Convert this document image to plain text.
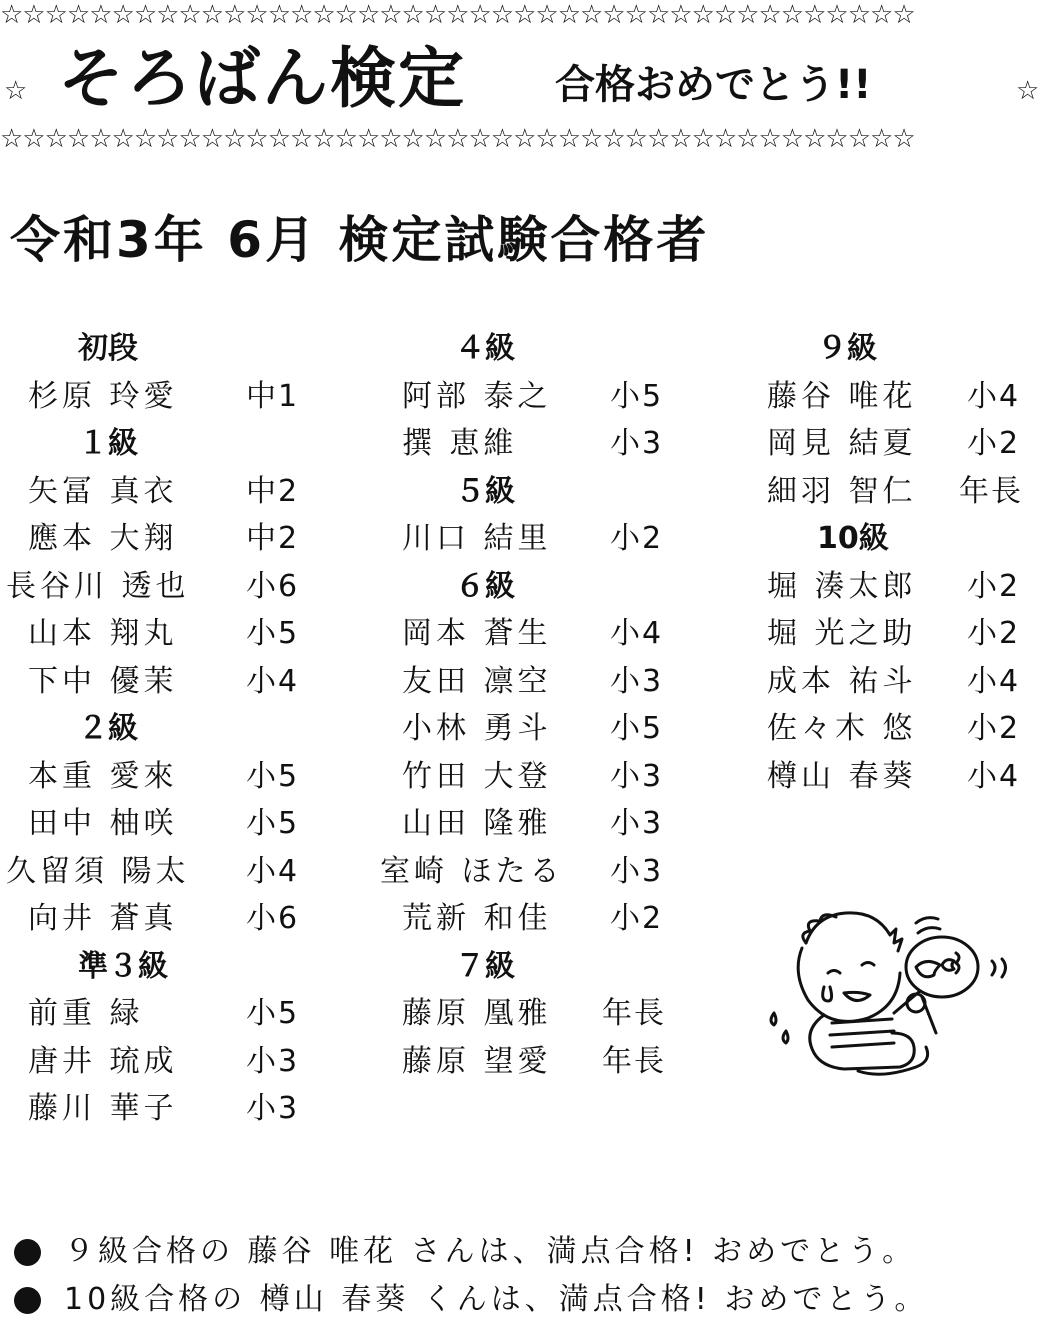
☆☆☆☆☆☆☆☆☆☆☆☆☆☆☆☆☆☆☆☆☆☆☆☆☆☆☆☆☆☆☆☆☆☆☆☆☆☆☆☆☆
☆ そろばん検定 合格おめでとう!!	☆
☆☆☆☆☆☆☆☆☆☆☆☆☆☆☆☆☆☆☆☆☆☆☆☆☆☆☆☆☆☆☆☆☆☆☆☆☆☆☆☆☆
令和3年 6月 検定試験合格者
初段
杉原 玲愛 中1
１級
矢冨 真衣 中2
應本 大翔 中2
長谷川 透也 小6
山本 翔丸 小5
下中 優茉 小4
２級
本重 愛來 小5
田中 柚咲 小5
久留須 陽太 小4
向井 蒼真 小6
準３級
前重 緑	小5
唐井 琉成 小3
藤川 華子 小3
４級
阿部 泰之 小5
撰 恵維	小3
５級
川口 結里 小2
６級
岡本 蒼生 小4
友田 凛空 小3
小林 勇斗 小5
竹田 大登 小3
山田 隆雅 小3
室崎 ほたる 小3
荒新 和佳 小2
７級
藤原 凰雅 年長
藤原 望愛 年長
９級
藤谷 唯花 小4
岡見 結夏 小2
細羽 智仁 年長
10級
堀 湊太郎 小2
堀 光之助 小2
成本 祐斗 小4
佐々木 悠 小2
樽山 春葵 小4
９級合格の 藤谷 唯花 さんは、満点合格! おめでとう。
10級合格の 樽山 春葵 くんは、満点合格! おめでとう。
